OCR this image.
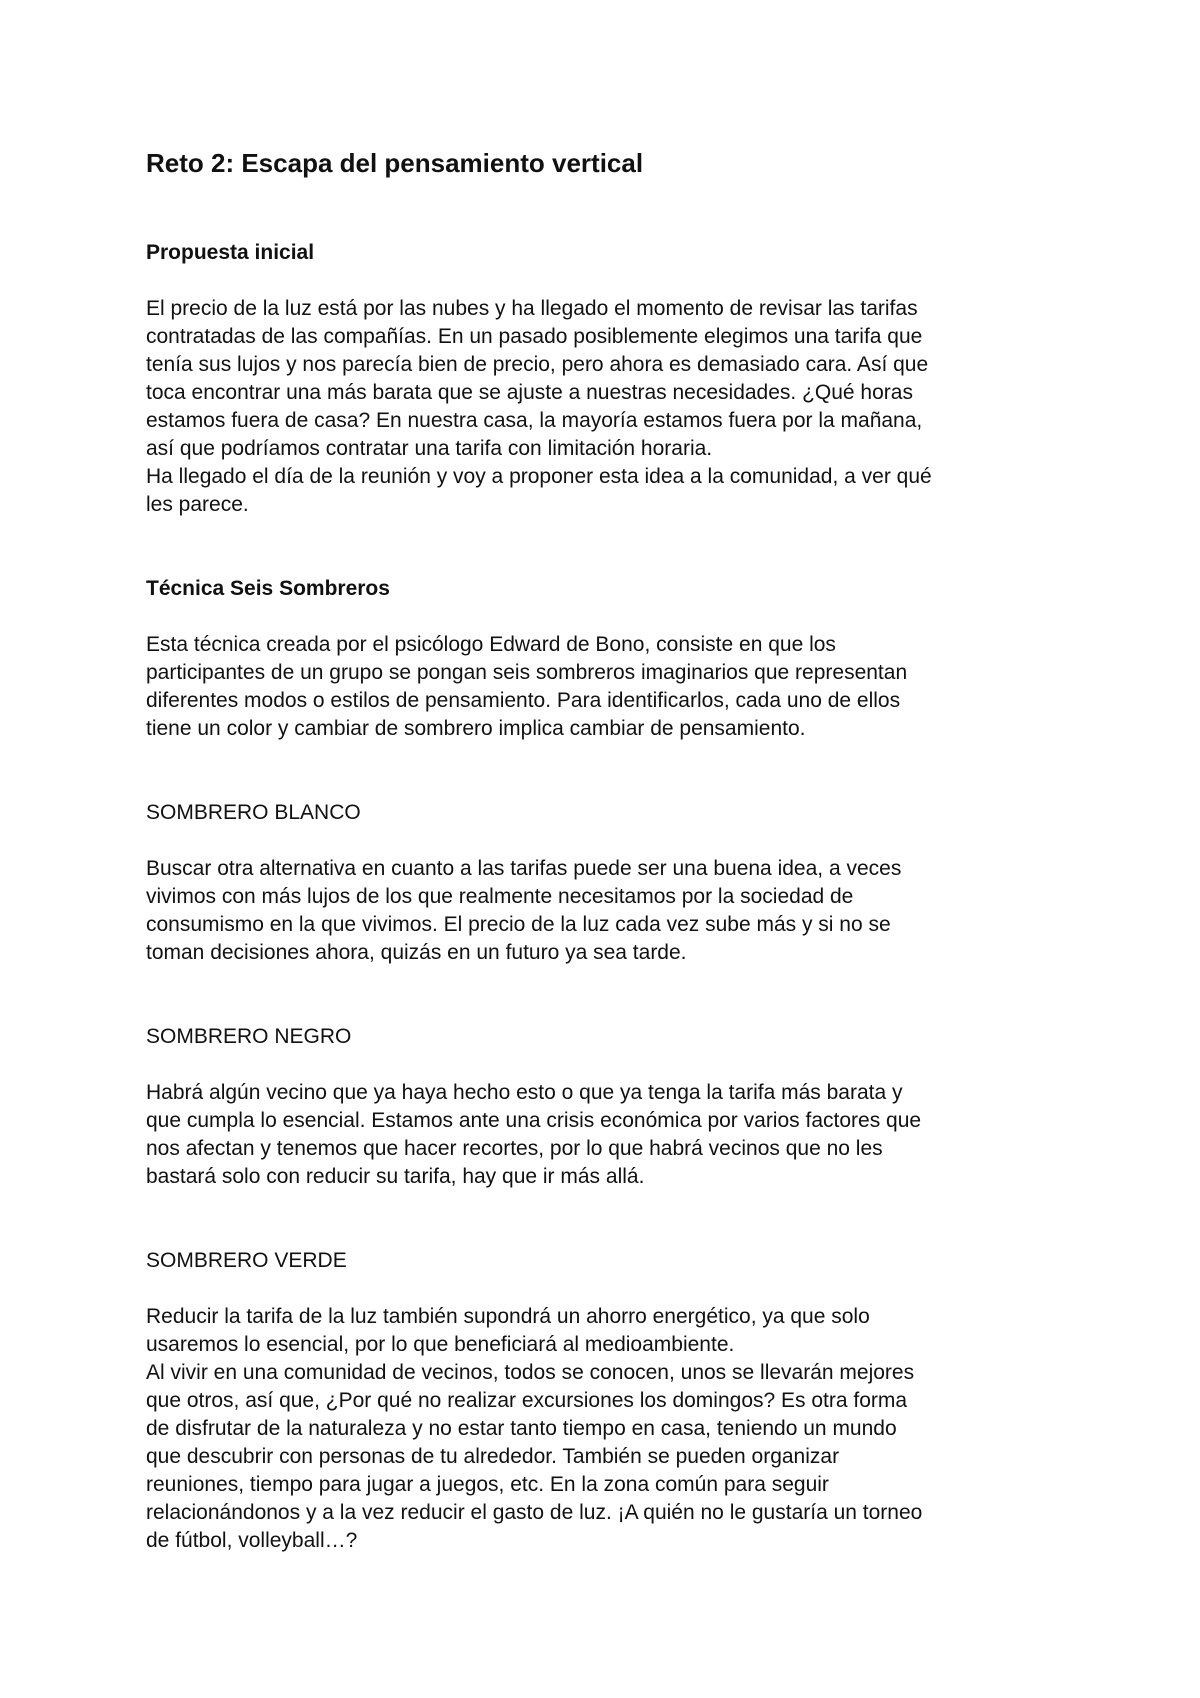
Reto 2: Escapa del pensamiento vertical
Propuesta inicial
El precio de la luz está por las nubes y ha llegado el momento de revisar las tarifas
contratadas de las compañías. En un pasado posiblemente elegimos una tarifa que
tenía sus lujos y nos parecía bien de precio, pero ahora es demasiado cara. Así que
toca encontrar una más barata que se ajuste a nuestras necesidades. ¿Qué horas
estamos fuera de casa? En nuestra casa, la mayoría estamos fuera por la mañana,
así que podríamos contratar una tarifa con limitación horaria.
Ha llegado el día de la reunión y voy a proponer esta idea a la comunidad, a ver qué
les parece.
Técnica Seis Sombreros
Esta técnica creada por el psicólogo Edward de Bono, consiste en que los
participantes de un grupo se pongan seis sombreros imaginarios que representan
diferentes modos o estilos de pensamiento. Para identificarlos, cada uno de ellos
tiene un color y cambiar de sombrero implica cambiar de pensamiento.
SOMBRERO BLANCO
Buscar otra alternativa en cuanto a las tarifas puede ser una buena idea, a veces
vivimos con más lujos de los que realmente necesitamos por la sociedad de
consumismo en la que vivimos. El precio de la luz cada vez sube más y si no se
toman decisiones ahora, quizás en un futuro ya sea tarde.
SOMBRERO NEGRO
Habrá algún vecino que ya haya hecho esto o que ya tenga la tarifa más barata y
que cumpla lo esencial. Estamos ante una crisis económica por varios factores que
nos afectan y tenemos que hacer recortes, por lo que habrá vecinos que no les
bastará solo con reducir su tarifa, hay que ir más allá.
SOMBRERO VERDE
Reducir la tarifa de la luz también supondrá un ahorro energético, ya que solo
usaremos lo esencial, por lo que beneficiará al medioambiente.
Al vivir en una comunidad de vecinos, todos se conocen, unos se llevarán mejores
que otros, así que, ¿Por qué no realizar excursiones los domingos? Es otra forma
de disfrutar de la naturaleza y no estar tanto tiempo en casa, teniendo un mundo
que descubrir con personas de tu alrededor. También se pueden organizar
reuniones, tiempo para jugar a juegos, etc. En la zona común para seguir
relacionándonos y a la vez reducir el gasto de luz. ¡A quién no le gustaría un torneo
de fútbol, volleyball…?
